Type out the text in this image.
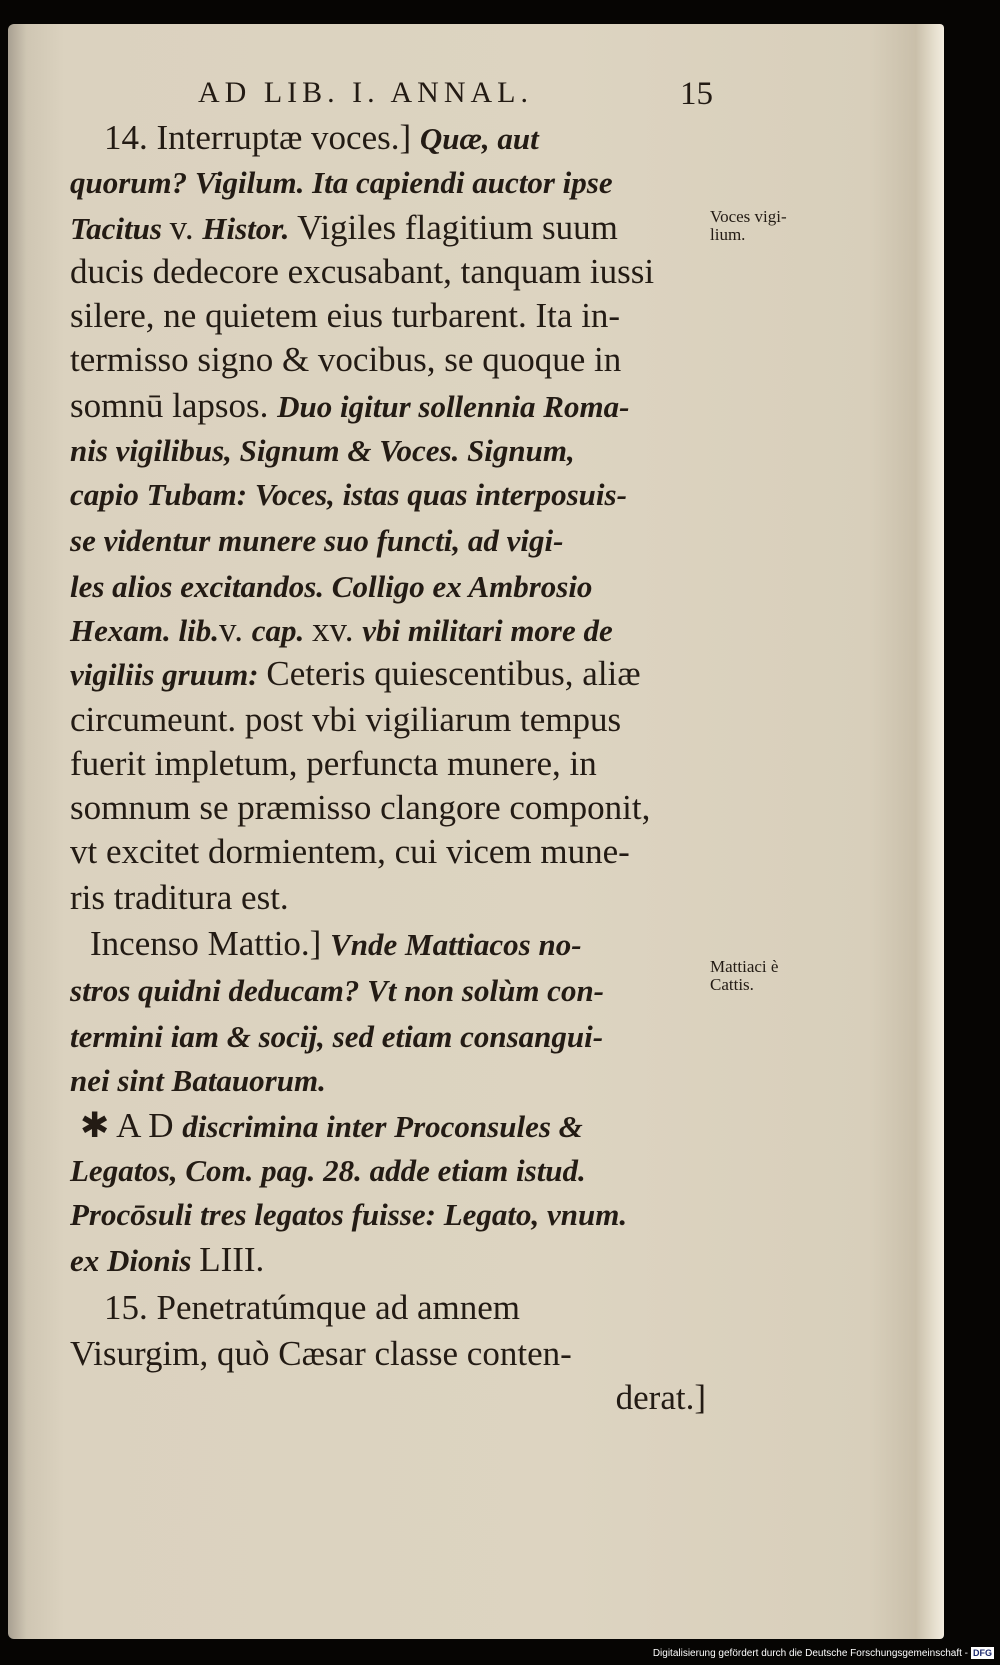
AD LIB. I. ANNAL.	15
14. Interruptæ voces.] Quæ, aut
quorum? Vigilum. Ita capiendi auctor ipse
Tacitus v. Histor. Vigiles flagitium suum
ducis dedecore excusabant, tanquam iussi
silere, ne quietem eius turbarent. Ita in-
termisso signo & vocibus, se quoque in
somnū lapsos. Duo igitur sollennia Roma-
nis vigilibus, Signum & Voces. Signum,
capio Tubam: Voces, istas quas interposuis-
se videntur munere suo functi, ad vigi-
les alios excitandos. Colligo ex Ambrosio
Hexam. lib.v. cap. xv. vbi militari more de
vigiliis gruum: Ceteris quiescentibus, aliæ
circumeunt. post vbi vigiliarum tempus
fuerit impletum, perfuncta munere, in
somnum se præmisso clangore componit,
vt excitet dormientem, cui vicem mune-
ris traditura est.
Incenso Mattio.] Vnde Mattiacos no-
stros quidni deducam? Vt non solùm con-
termini iam & socij, sed etiam consangui-
nei sint Batauorum.
✱ A D discrimina inter Proconsules &
Legatos, Com. pag. 28. adde etiam istud.
Procōsuli tres legatos fuisse: Legato, vnum.
ex Dionis LIII.
15. Penetratúmque ad amnem
Visurgim, quò Cæsar classe conten-
derat.]
Voces vigi-
lium.
Mattiaci è
Cattis.
Digitalisierung gefördert durch die Deutsche Forschungsgemeinschaft - DFG
